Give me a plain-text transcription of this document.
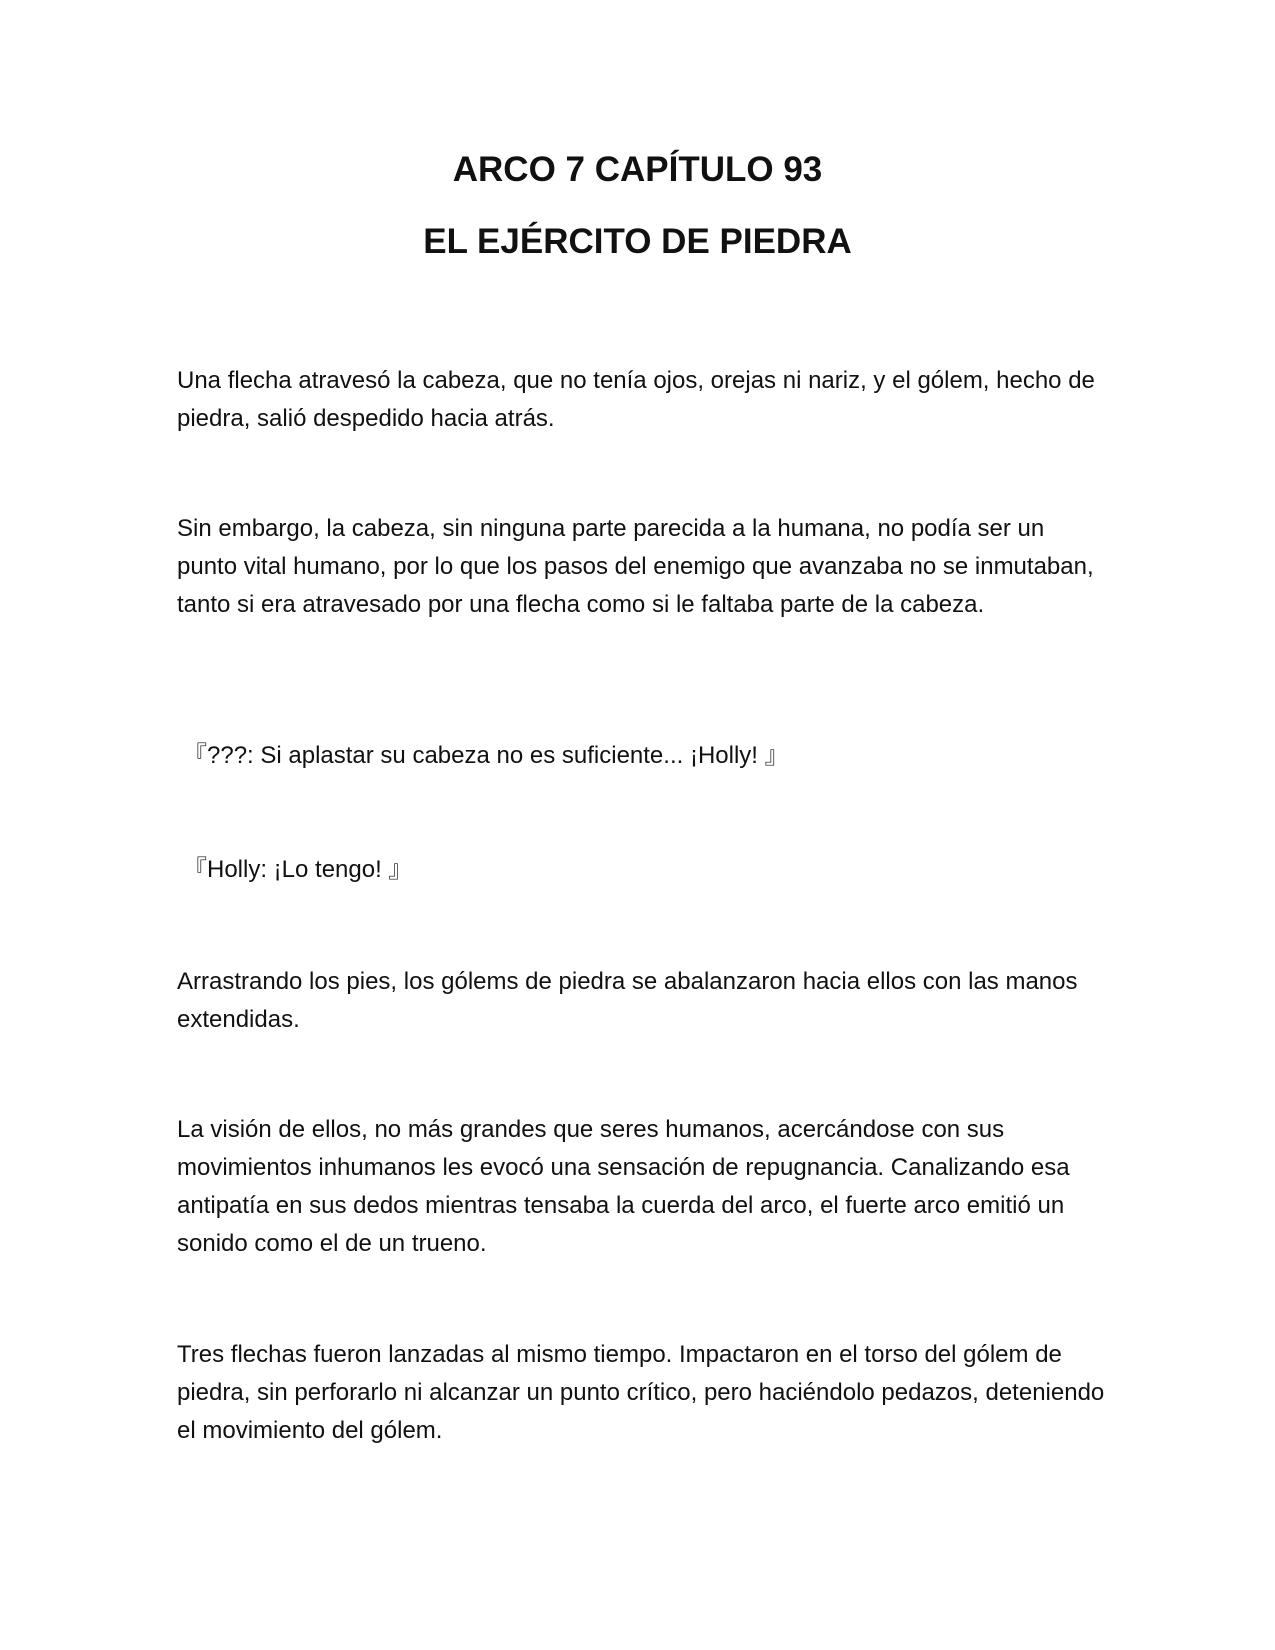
ARCO 7 CAPÍTULO 93
EL EJÉRCITO DE PIEDRA

Una flecha atravesó la cabeza, que no tenía ojos, orejas ni nariz, y el gólem, hecho de piedra, salió despedido hacia atrás.

Sin embargo, la cabeza, sin ninguna parte parecida a la humana, no podía ser un punto vital humano, por lo que los pasos del enemigo que avanzaba no se inmutaban, tanto si era atravesado por una flecha como si le faltaba parte de la cabeza.

『???: Si aplastar su cabeza no es suficiente... ¡Holly! 』

『Holly: ¡Lo tengo! 』

Arrastrando los pies, los gólems de piedra se abalanzaron hacia ellos con las manos extendidas.

La visión de ellos, no más grandes que seres humanos, acercándose con sus movimientos inhumanos les evocó una sensación de repugnancia. Canalizando esa antipatía en sus dedos mientras tensaba la cuerda del arco, el fuerte arco emitió un sonido como el de un trueno.

Tres flechas fueron lanzadas al mismo tiempo. Impactaron en el torso del gólem de piedra, sin perforarlo ni alcanzar un punto crítico, pero haciéndolo pedazos, deteniendo el movimiento del gólem.
